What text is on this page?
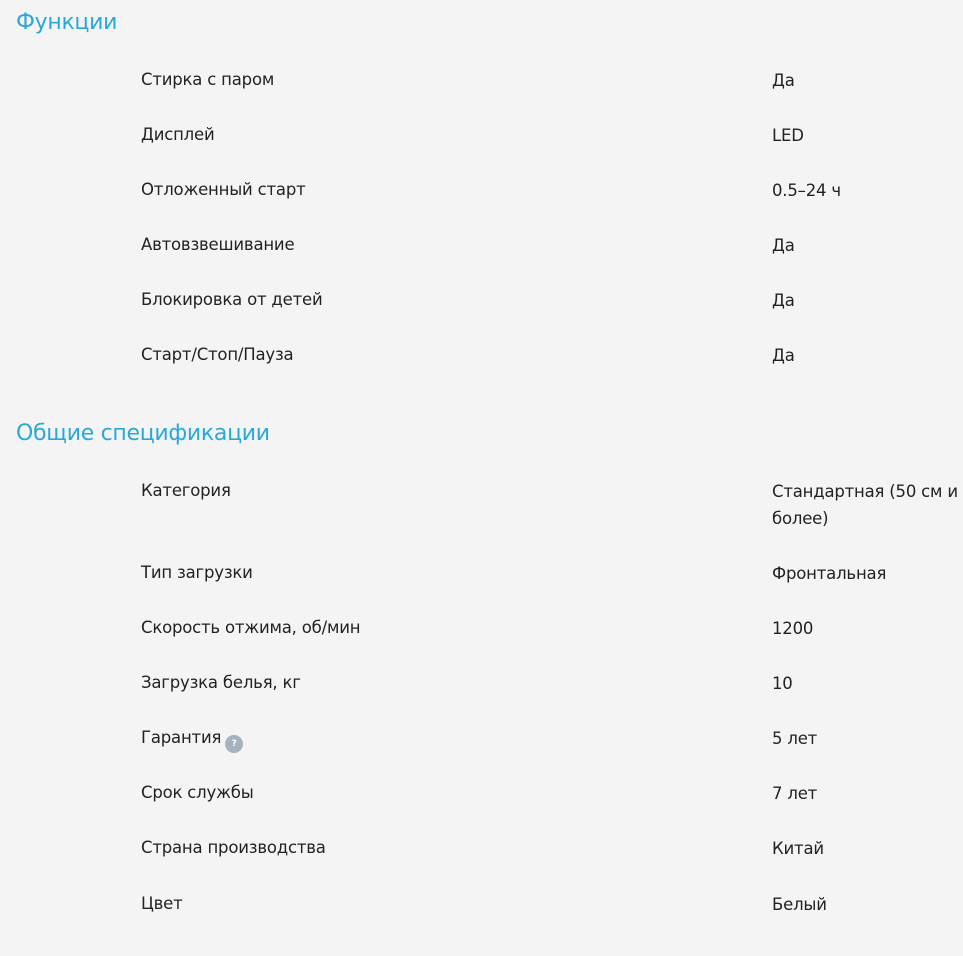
Функции
Стирка с паром	Да
Дисплей	LED
Отложенный старт	0.5–24 ч
Автовзвешивание	Да
Блокировка от детей	Да
Старт/Стоп/Пауза	Да
Общие спецификации
Категория	Стандартная (50 см и более)
Тип загрузки	Фронтальная
Скорость отжима, об/мин	1200
Загрузка белья, кг	10
Гарантия ?	5 лет
Срок службы	7 лет
Страна производства	Китай
Цвет	Белый
